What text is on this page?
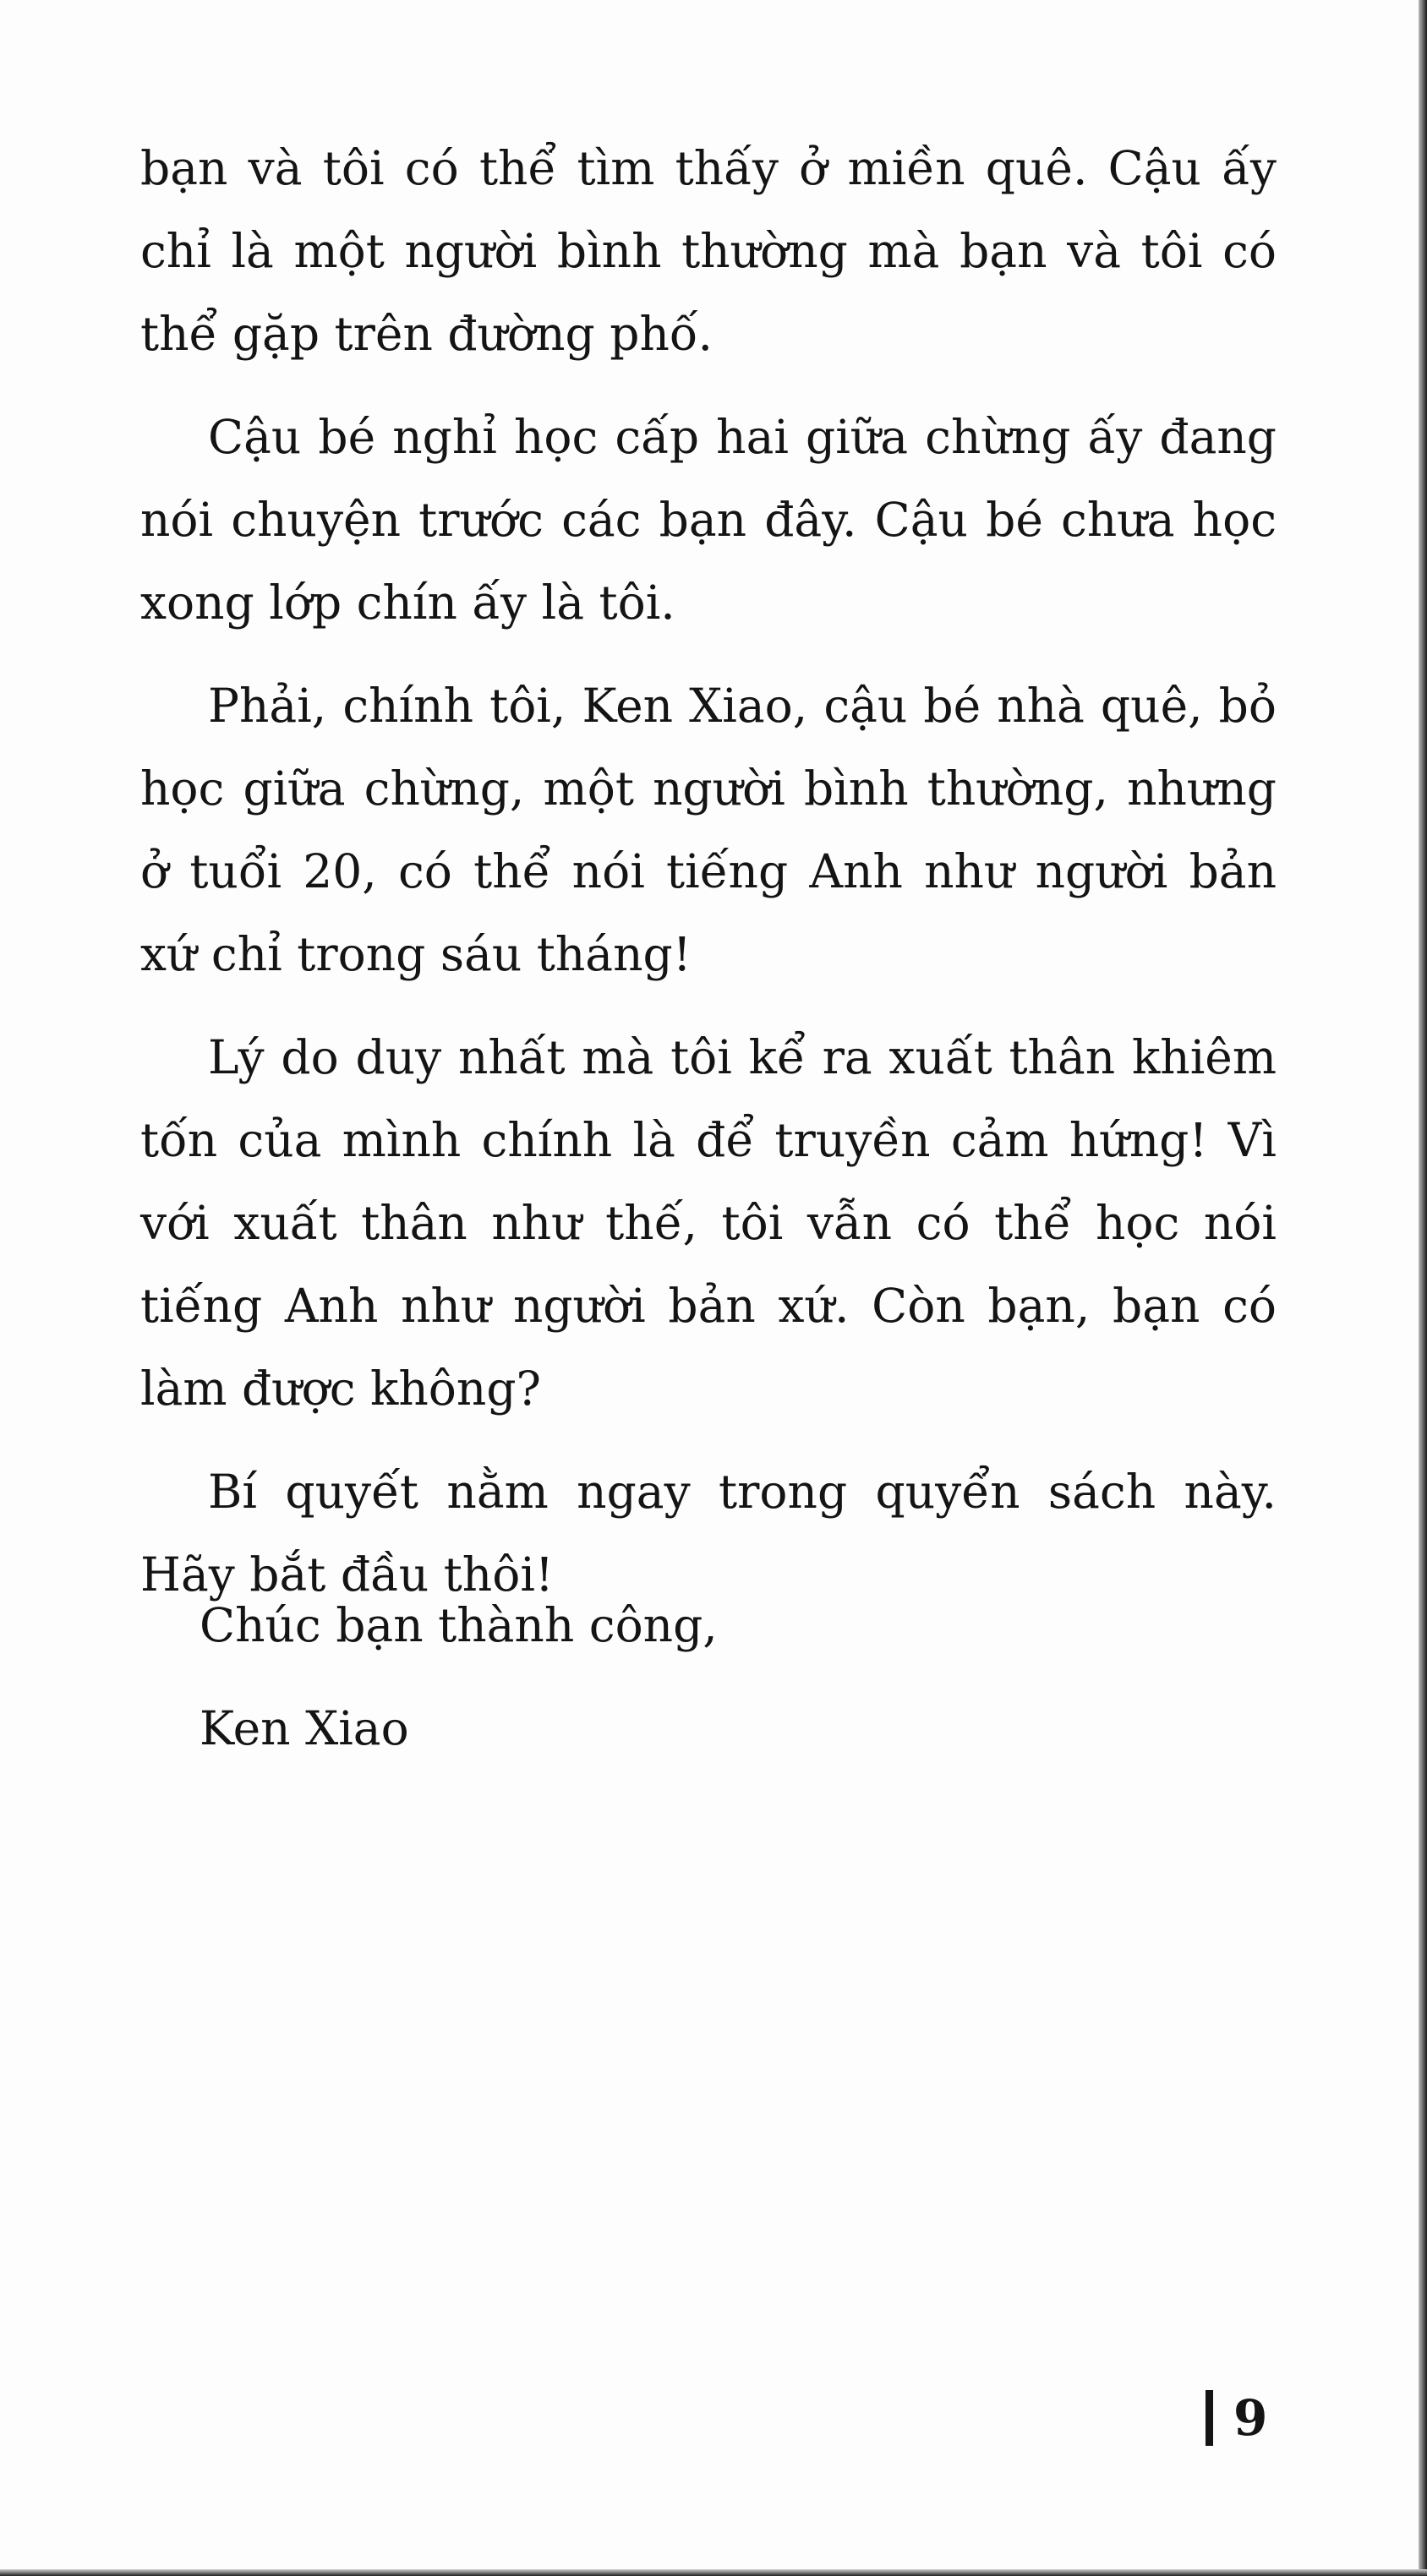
bạn và tôi có thể tìm thấy ở miền quê. Cậu ấy chỉ là một người bình thường mà bạn và tôi có thể gặp trên đường phố.

Cậu bé nghỉ học cấp hai giữa chừng ấy đang nói chuyện trước các bạn đây. Cậu bé chưa học xong lớp chín ấy là tôi.

Phải, chính tôi, Ken Xiao, cậu bé nhà quê, bỏ học giữa chừng, một người bình thường, nhưng ở tuổi 20, có thể nói tiếng Anh như người bản xứ chỉ trong sáu tháng!

Lý do duy nhất mà tôi kể ra xuất thân khiêm tốn của mình chính là để truyền cảm hứng! Vì với xuất thân như thế, tôi vẫn có thể học nói tiếng Anh như người bản xứ. Còn bạn, bạn có làm được không?

Bí quyết nằm ngay trong quyển sách này. Hãy bắt đầu thôi!

Chúc bạn thành công,

Ken Xiao

9
